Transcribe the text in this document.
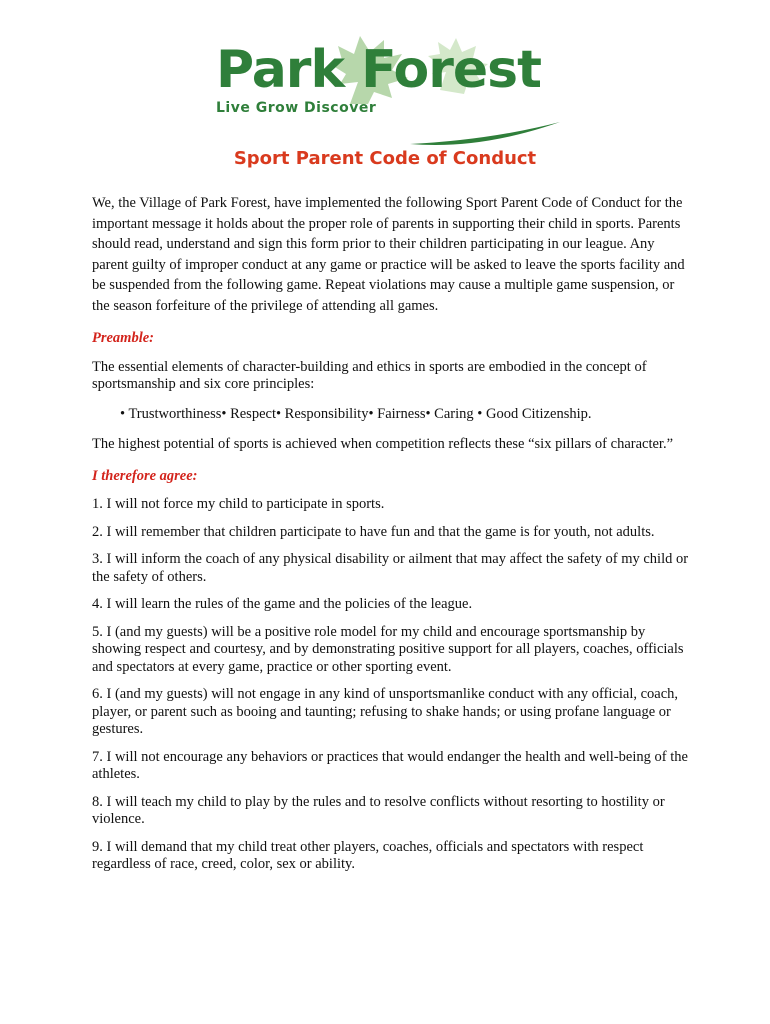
Park Forest
Live Grow Discover
Sport Parent Code of Conduct

We, the Village of Park Forest, have implemented the following Sport Parent Code of Conduct for the important message it holds about the proper role of parents in supporting their child in sports. Parents should read, understand and sign this form prior to their children participating in our league. Any parent guilty of improper conduct at any game or practice will be asked to leave the sports facility and be suspended from the following game. Repeat violations may cause a multiple game suspension, or the season forfeiture of the privilege of attending all games.

Preamble:

The essential elements of character-building and ethics in sports are embodied in the concept of sportsmanship and six core principles:

• Trustworthiness• Respect• Responsibility• Fairness• Caring • Good Citizenship.

The highest potential of sports is achieved when competition reflects these “six pillars of character.”

I therefore agree:

1. I will not force my child to participate in sports.

2. I will remember that children participate to have fun and that the game is for youth, not adults.

3. I will inform the coach of any physical disability or ailment that may affect the safety of my child or the safety of others.

4. I will learn the rules of the game and the policies of the league.

5. I (and my guests) will be a positive role model for my child and encourage sportsmanship by showing respect and courtesy, and by demonstrating positive support for all players, coaches, officials and spectators at every game, practice or other sporting event.

6. I (and my guests) will not engage in any kind of unsportsmanlike conduct with any official, coach, player, or parent such as booing and taunting; refusing to shake hands; or using profane language or gestures.

7. I will not encourage any behaviors or practices that would endanger the health and well-being of the athletes.

8. I will teach my child to play by the rules and to resolve conflicts without resorting to hostility or violence.

9. I will demand that my child treat other players, coaches, officials and spectators with respect regardless of race, creed, color, sex or ability.
